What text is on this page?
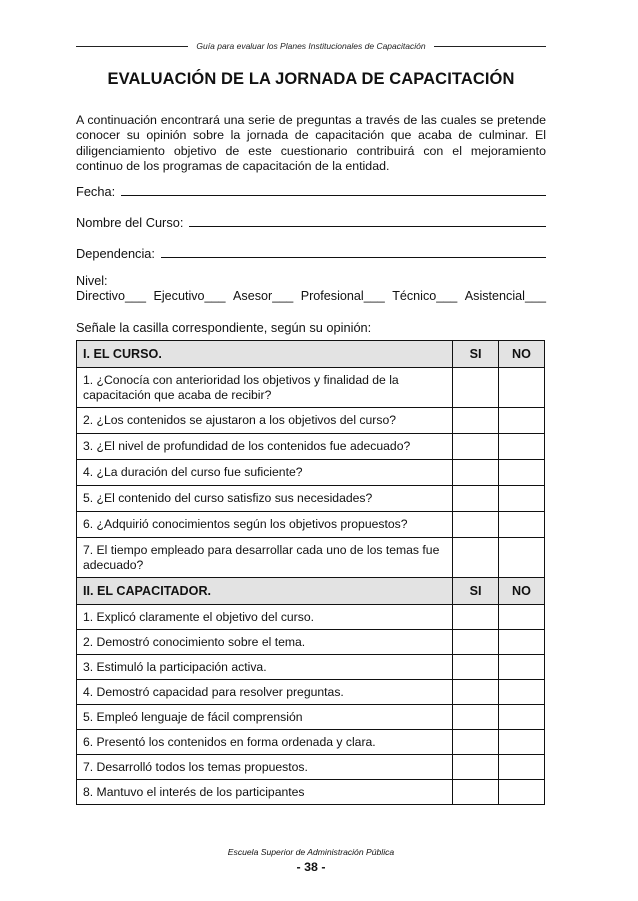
Guía para evaluar los Planes Institucionales de Capacitación
EVALUACIÓN DE LA JORNADA DE CAPACITACIÓN
A continuación encontrará una serie de preguntas a través de las cuales se pretende conocer su opinión sobre la jornada de capacitación que acaba de culminar. El diligenciamiento objetivo de este cuestionario contribuirá con el mejoramiento continuo de los programas de capacitación de la entidad.
Fecha:
Nombre del Curso:
Dependencia:
Nivel:
Directivo___ Ejecutivo___ Asesor___ Profesional___ Técnico___ Asistencial___
Señale la casilla correspondiente, según su opinión:
I. EL CURSO.	SI	NO
1. ¿Conocía con anterioridad los objetivos y finalidad de la capacitación que acaba de recibir?		
2. ¿Los contenidos se ajustaron a los objetivos del curso?		
3. ¿El nivel de profundidad de los contenidos fue adecuado?		
4. ¿La duración del curso fue suficiente?		
5. ¿El contenido del curso satisfizo sus necesidades?		
6. ¿Adquirió conocimientos según los objetivos propuestos?		
7. El tiempo empleado para desarrollar cada uno de los temas fue adecuado?		
II. EL CAPACITADOR.	SI	NO
1. Explicó claramente el objetivo del curso.		
2. Demostró conocimiento sobre el tema.		
3. Estimuló la participación activa.		
4. Demostró capacidad para resolver preguntas.		
5. Empleó lenguaje de fácil comprensión		
6. Presentó los contenidos en forma ordenada y clara.		
7. Desarrolló todos los temas propuestos.		
8. Mantuvo el interés de los participantes		
Escuela Superior de Administración Pública
- 38 -
